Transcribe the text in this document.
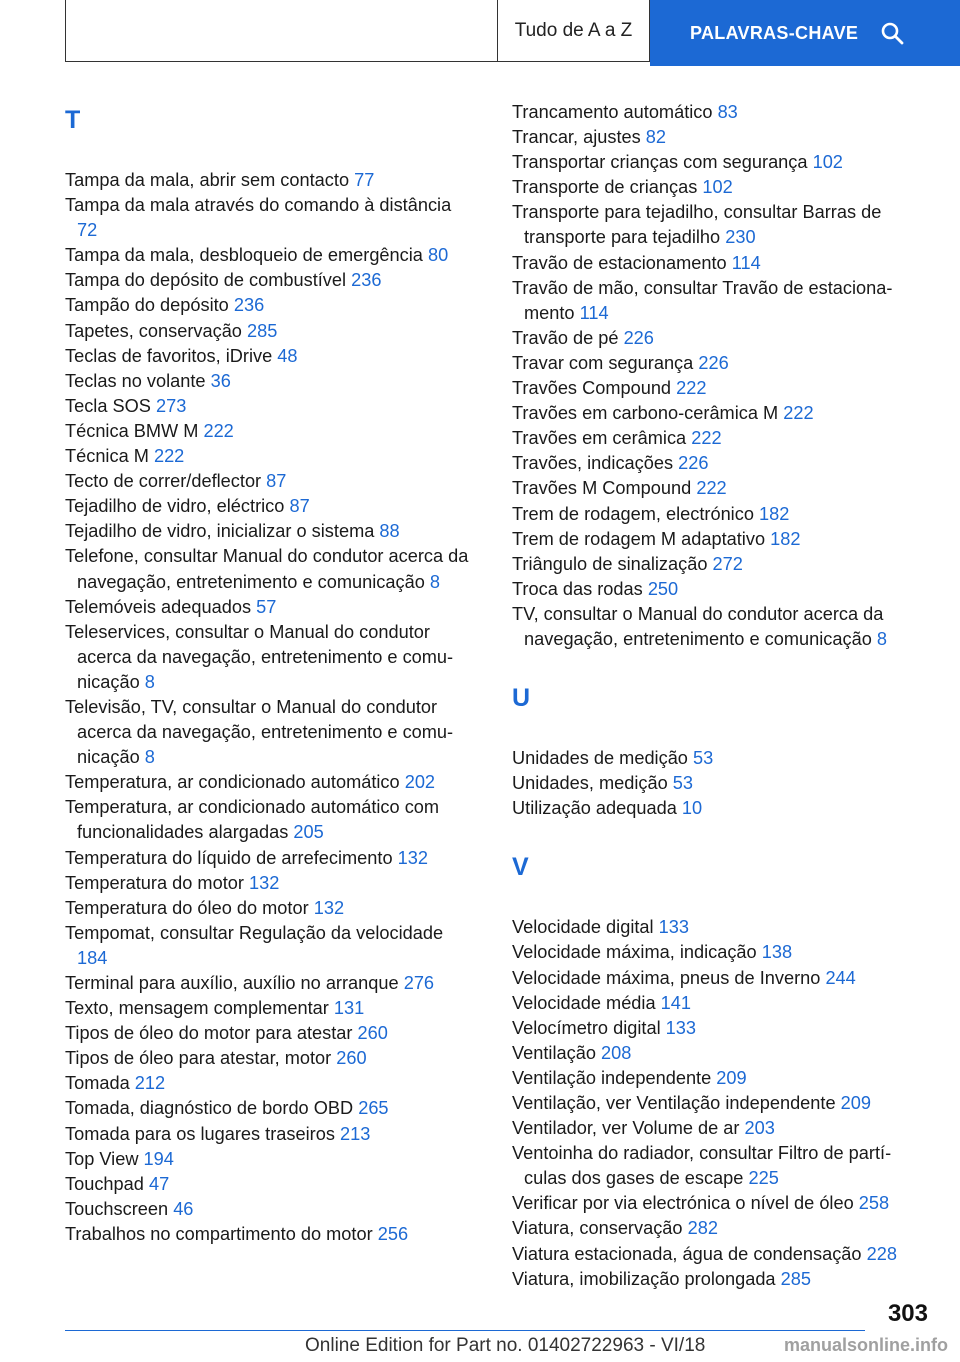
Tudo de A a Z	PALAVRAS-CHAVE
T
Tampa da mala, abrir sem contacto 77
Tampa da mala através do comando à distância 72
Tampa da mala, desbloqueio de emergência 80
Tampa do depósito de combustível 236
Tampão do depósito 236
Tapetes, conservação 285
Teclas de favoritos, iDrive 48
Teclas no volante 36
Tecla SOS 273
Técnica BMW M 222
Técnica M 222
Tecto de correr/deflector 87
Tejadilho de vidro, eléctrico 87
Tejadilho de vidro, inicializar o sistema 88
Telefone, consultar Manual do condutor acerca da navegação, entretenimento e comunicação 8
Telemóveis adequados 57
Teleservices, consultar o Manual do condutor acerca da navegação, entretenimento e comunicação 8
Televisão, TV, consultar o Manual do condutor acerca da navegação, entretenimento e comunicação 8
Temperatura, ar condicionado automático 202
Temperatura, ar condicionado automático com funcionalidades alargadas 205
Temperatura do líquido de arrefecimento 132
Temperatura do motor 132
Temperatura do óleo do motor 132
Tempomat, consultar Regulação da velocidade 184
Terminal para auxílio, auxílio no arranque 276
Texto, mensagem complementar 131
Tipos de óleo do motor para atestar 260
Tipos de óleo para atestar, motor 260
Tomada 212
Tomada, diagnóstico de bordo OBD 265
Tomada para os lugares traseiros 213
Top View 194
Touchpad 47
Touchscreen 46
Trabalhos no compartimento do motor 256
Trancamento automático 83
Trancar, ajustes 82
Transportar crianças com segurança 102
Transporte de crianças 102
Transporte para tejadilho, consultar Barras de transporte para tejadilho 230
Travão de estacionamento 114
Travão de mão, consultar Travão de estacionamento 114
Travão de pé 226
Travar com segurança 226
Travões Compound 222
Travões em carbono-cerâmica M 222
Travões em cerâmica 222
Travões, indicações 226
Travões M Compound 222
Trem de rodagem, electrónico 182
Trem de rodagem M adaptativo 182
Triângulo de sinalização 272
Troca das rodas 250
TV, consultar o Manual do condutor acerca da navegação, entretenimento e comunicação 8
U
Unidades de medição 53
Unidades, medição 53
Utilização adequada 10
V
Velocidade digital 133
Velocidade máxima, indicação 138
Velocidade máxima, pneus de Inverno 244
Velocidade média 141
Velocímetro digital 133
Ventilação 208
Ventilação independente 209
Ventilação, ver Ventilação independente 209
Ventilador, ver Volume de ar 203
Ventoinha do radiador, consultar Filtro de partículas dos gases de escape 225
Verificar por via electrónica o nível de óleo 258
Viatura, conservação 282
Viatura estacionada, água de condensação 228
Viatura, imobilização prolongada 285
303
Online Edition for Part no. 01402722963 - VI/18	manualsonline.info
